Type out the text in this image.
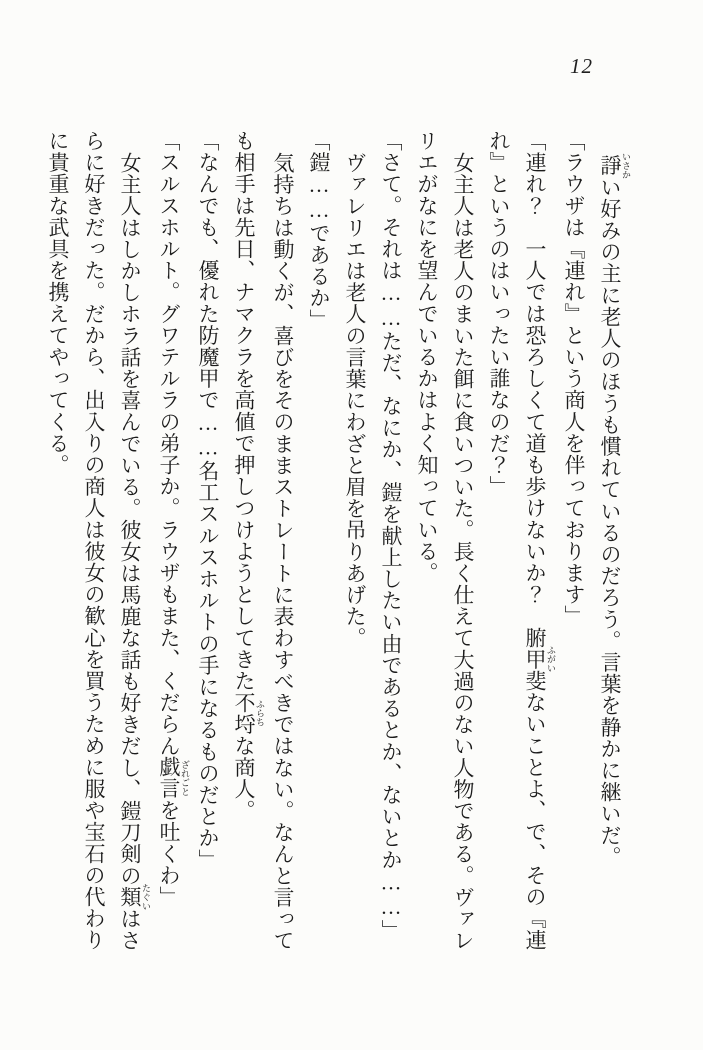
12
諍 いさかい好みの主に老人のほうも慣れているのだろう。言葉を静かに継いだ。
「ラウザは『連れ』という商人を伴っております」
「連れ？　一人では恐ろしくて道も歩けないか？　腑甲斐 ふがいないことよ、で、その『連
れ』というのはいったい誰なのだ？」
女主人は老人のまいた餌に食いついた。長く仕えて大過のない人物である。ヴァレ
リエがなにを望んでいるかはよく知っている。
「さて。それは……ただ、なにか、鎧を献上したい由であるとか、ないとか……」
ヴァレリエは老人の言葉にわざと眉を吊りあげた。
「鎧……であるか」
気持ちは動くが、喜びをそのままストレートに表わすべきではない。なんと言って
も相手は先日、ナマクラを高値で押しつけようとしてきた不埒 ふらちな商人。
「なんでも、優れた防魔甲で……名工スルスホルトの手になるものだとか」
「スルスホルト。グワテルラの弟子か。ラウザもまた、くだらん戯言 ざれごとを吐くわ」
女主人はしかしホラ話を喜んでいる。彼女は馬鹿な話も好きだし、鎧刀剣の類 たぐいはさ
らに好きだった。だから、出入りの商人は彼女の歓心を買うために服や宝石の代わり
に貴重な武具を携えてやってくる。
